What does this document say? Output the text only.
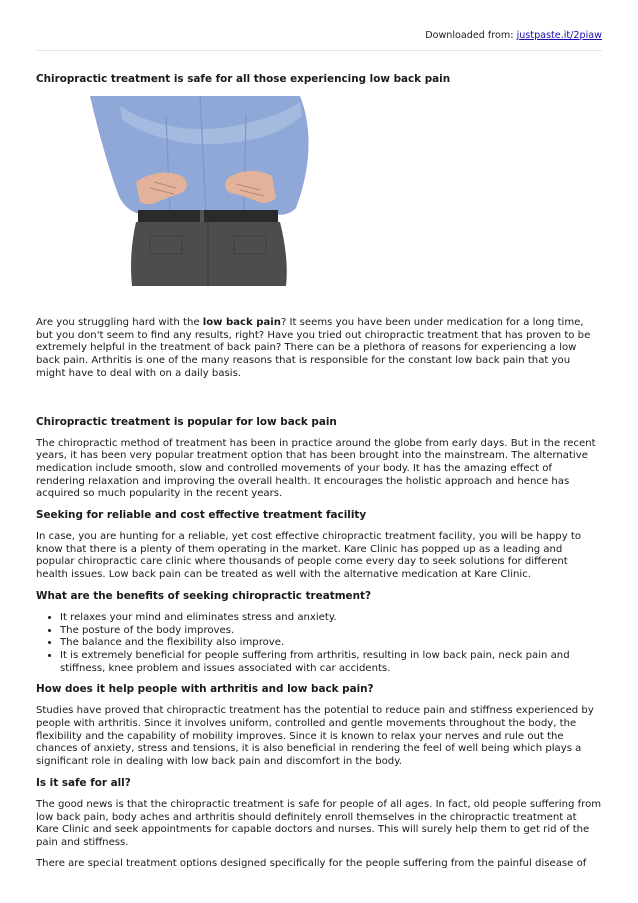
Downloaded from: justpaste.it/2piaw
Chiropractic treatment is safe for all those experiencing low back pain

Are you struggling hard with the low back pain? It seems you have been under medication for a long time, but you don't seem to find any results, right? Have you tried out chiropractic treatment that has proven to be extremely helpful in the treatment of back pain? There can be a plethora of reasons for experiencing a low back pain. Arthritis is one of the many reasons that is responsible for the constant low back pain that you might have to deal with on a daily basis.

Chiropractic treatment is popular for low back pain

The chiropractic method of treatment has been in practice around the globe from early days. But in the recent years, it has been very popular treatment option that has been brought into the mainstream. The alternative medication include smooth, slow and controlled movements of your body. It has the amazing effect of rendering relaxation and improving the overall health. It encourages the holistic approach and hence has acquired so much popularity in the recent years.

Seeking for reliable and cost effective treatment facility

In case, you are hunting for a reliable, yet cost effective chiropractic treatment facility, you will be happy to know that there is a plenty of them operating in the market. Kare Clinic has popped up as a leading and popular chiropractic care clinic where thousands of people come every day to seek solutions for different health issues. Low back pain can be treated as well with the alternative medication at Kare Clinic.

What are the benefits of seeking chiropractic treatment?
• It relaxes your mind and eliminates stress and anxiety.
• The posture of the body improves.
• The balance and the flexibility also improve.
• It is extremely beneficial for people suffering from arthritis, resulting in low back pain, neck pain and stiffness, knee problem and issues associated with car accidents.
How does it help people with arthritis and low back pain?

Studies have proved that chiropractic treatment has the potential to reduce pain and stiffness experienced by people with arthritis. Since it involves uniform, controlled and gentle movements throughout the body, the flexibility and the capability of mobility improves. Since it is known to relax your nerves and rule out the chances of anxiety, stress and tensions, it is also beneficial in rendering the feel of well being which plays a significant role in dealing with low back pain and discomfort in the body.

Is it safe for all?

The good news is that the chiropractic treatment is safe for people of all ages. In fact, old people suffering from low back pain, body aches and arthritis should definitely enroll themselves in the chiropractic treatment at Kare Clinic and seek appointments for capable doctors and nurses. This will surely help them to get rid of the pain and stiffness.

There are special treatment options designed specifically for the people suffering from the painful disease of
